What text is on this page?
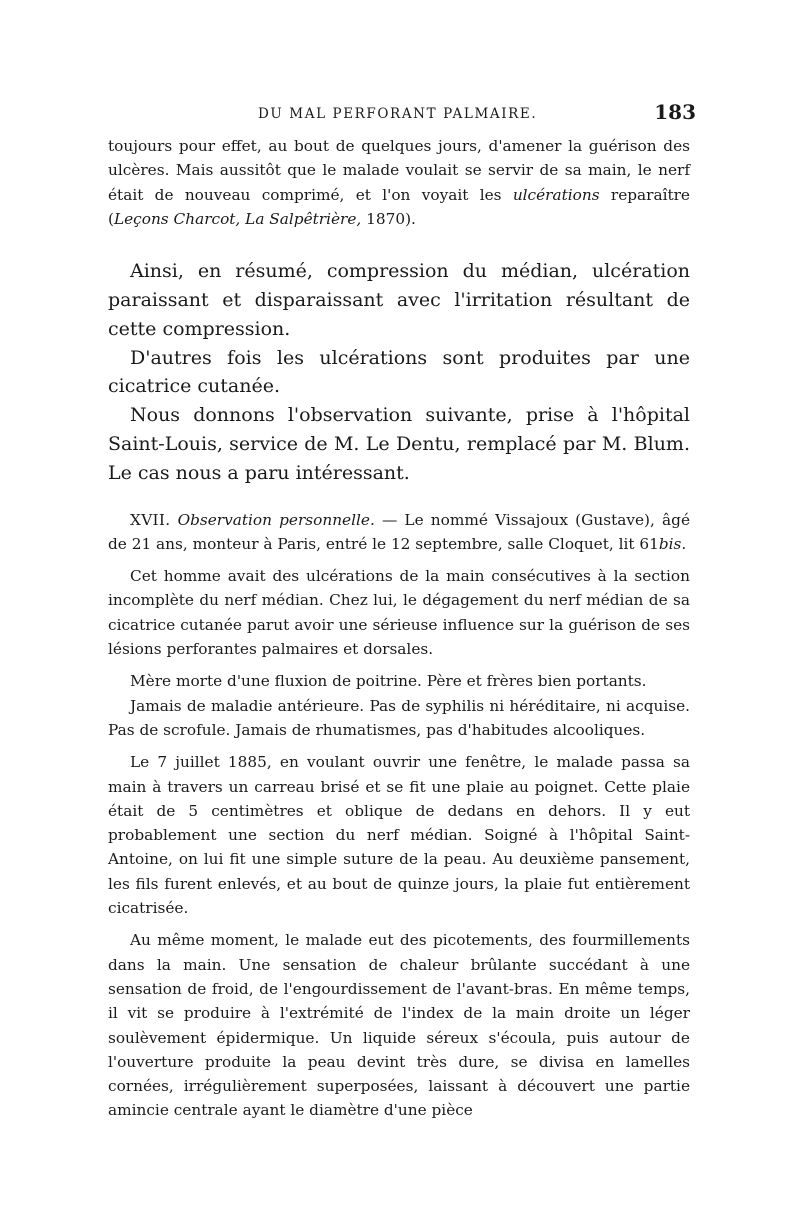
DU MAL PERFORANT PALMAIRE.	183

toujours pour effet, au bout de quelques jours, d'amener la guérison des ulcères. Mais aussitôt que le malade voulait se servir de sa main, le nerf était de nouveau comprimé, et l'on voyait les ulcérations reparaître (Leçons Charcot, La Salpêtrière, 1870).

Ainsi, en résumé, compression du médian, ulcération paraissant et disparaissant avec l'irritation résultant de cette compression.

D'autres fois les ulcérations sont produites par une cicatrice cutanée.

Nous donnons l'observation suivante, prise à l'hôpital Saint-Louis, service de M. Le Dentu, remplacé par M. Blum. Le cas nous a paru intéressant.

XVII. Observation personnelle. — Le nommé Vissajoux (Gustave), âgé de 21 ans, monteur à Paris, entré le 12 septembre, salle Cloquet, lit 61bis.

Cet homme avait des ulcérations de la main consécutives à la section incomplète du nerf médian. Chez lui, le dégagement du nerf médian de sa cicatrice cutanée parut avoir une sérieuse influence sur la guérison de ses lésions perforantes palmaires et dorsales.

Mère morte d'une fluxion de poitrine. Père et frères bien portants.

Jamais de maladie antérieure. Pas de syphilis ni héréditaire, ni acquise. Pas de scrofule. Jamais de rhumatismes, pas d'habitudes alcooliques.

Le 7 juillet 1885, en voulant ouvrir une fenêtre, le malade passa sa main à travers un carreau brisé et se fit une plaie au poignet. Cette plaie était de 5 centimètres et oblique de dedans en dehors. Il y eut probablement une section du nerf médian. Soigné à l'hôpital Saint-Antoine, on lui fit une simple suture de la peau. Au deuxième pansement, les fils furent enlevés, et au bout de quinze jours, la plaie fut entièrement cicatrisée.

Au même moment, le malade eut des picotements, des fourmillements dans la main. Une sensation de chaleur brûlante succédant à une sensation de froid, de l'engourdissement de l'avant-bras. En même temps, il vit se produire à l'extrémité de l'index de la main droite un léger soulèvement épidermique. Un liquide séreux s'écoula, puis autour de l'ouverture produite la peau devint très dure, se divisa en lamelles cornées, irrégulièrement superposées, laissant à découvert une partie amincie centrale ayant le diamètre d'une pièce
